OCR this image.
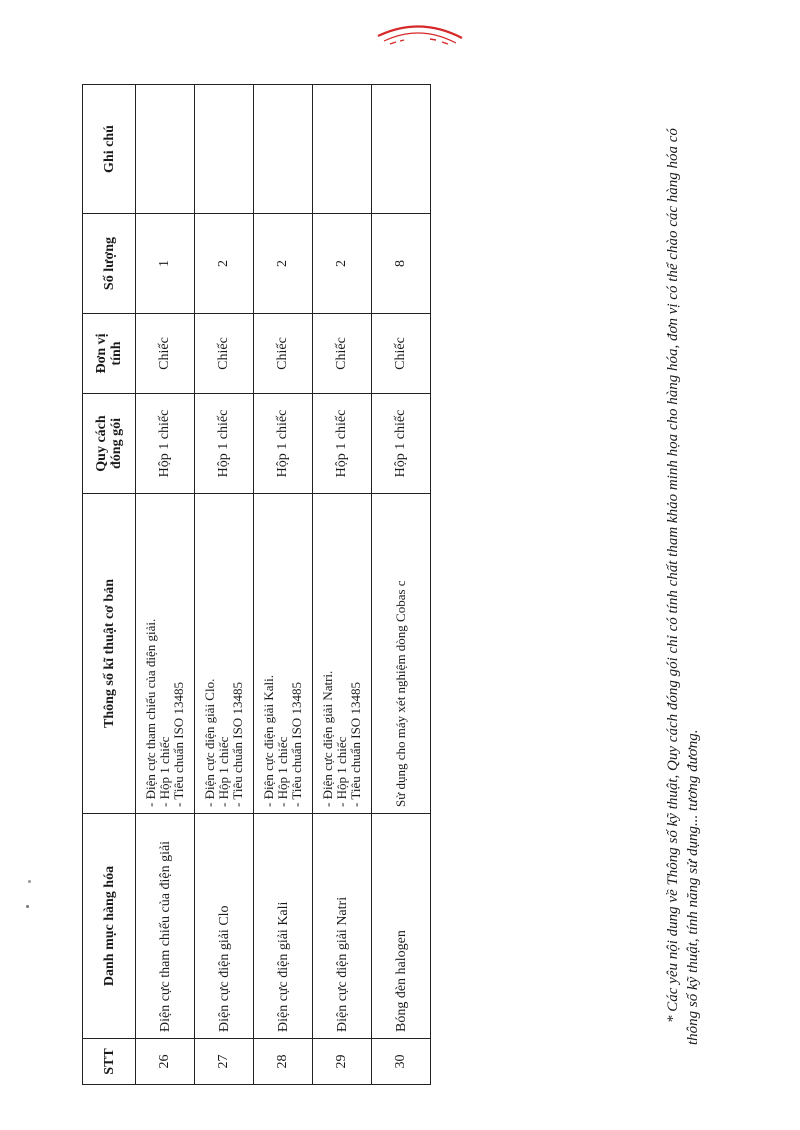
STT	Danh mục hàng hóa	Thông số kĩ thuật cơ bản	Quy cách đóng gói	Đơn vị tính	Số lượng	Ghi chú
26	Điện cực tham chiếu của điện giải	- Điện cực tham chiếu của điện giải. - Hộp 1 chiếc - Tiêu chuẩn ISO 13485	Hộp 1 chiếc	Chiếc	1	
27	Điện cực điện giải Clo	- Điện cực điện giải Clo. - Hộp 1 chiếc - Tiêu chuẩn ISO 13485	Hộp 1 chiếc	Chiếc	2	
28	Điện cực điện giải Kali	- Điện cực điện giải Kali. - Hộp 1 chiếc - Tiêu chuẩn ISO 13485	Hộp 1 chiếc	Chiếc	2	
29	Điện cực điện giải Natri	- Điện cực điện giải Natri. - Hộp 1 chiếc - Tiêu chuẩn ISO 13485	Hộp 1 chiếc	Chiếc	2	
30	Bóng đèn halogen	Sử dụng cho máy xét nghiệm dòng Cobas c	Hộp 1 chiếc	Chiếc	8		* Các yêu nội dung về Thông số kỹ thuật, Quy cách đóng gói chỉ có tính chất tham khảo minh họa cho hàng hóa, đơn vị có thể chào các hàng hóa có thông số kỹ thuật, tính năng sử dụng... tương đương.
